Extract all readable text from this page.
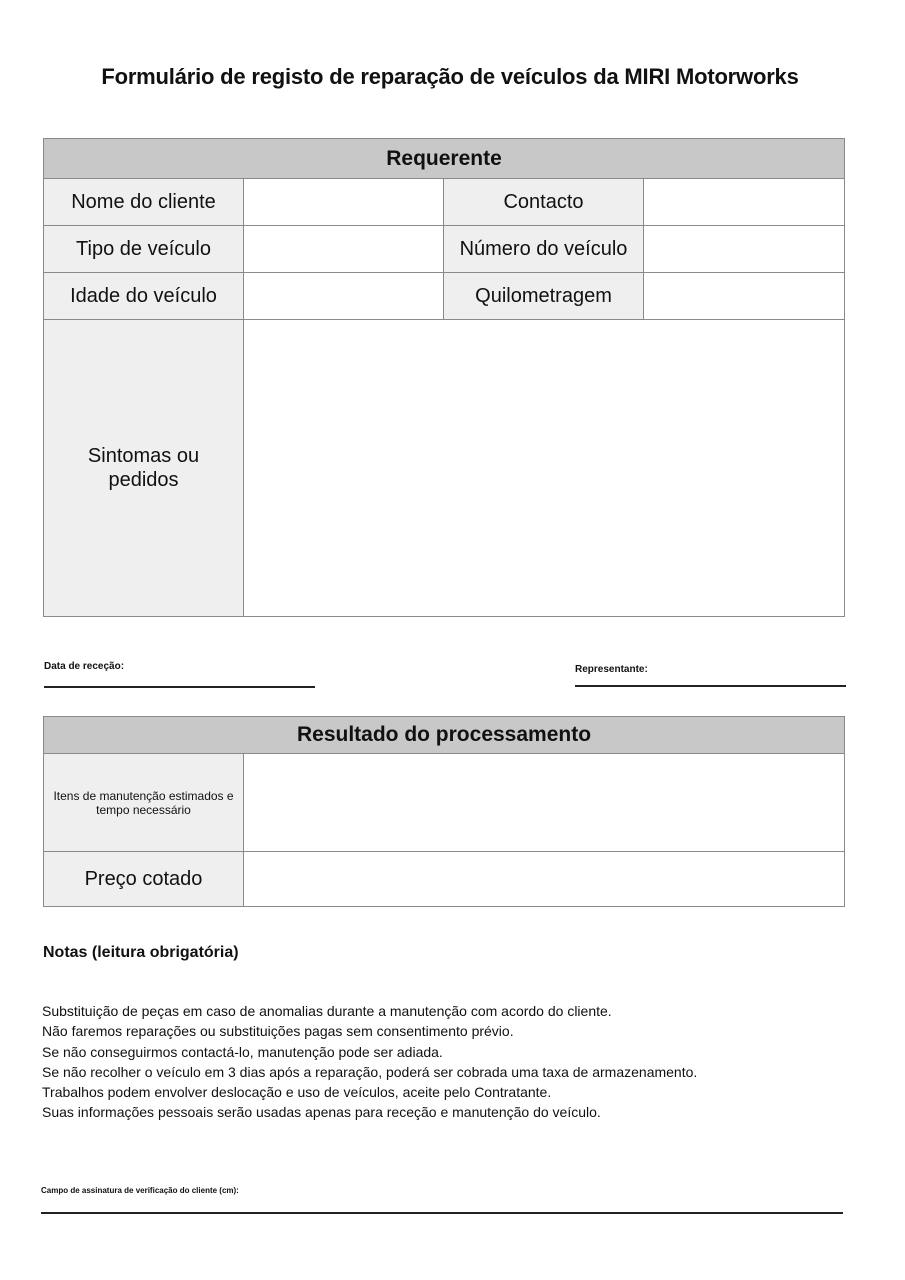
Formulário de registo de reparação de veículos da MIRI Motorworks
Requerente			
Nome do cliente		Contacto	
Tipo de veículo		Número do veículo	
Idade do veículo		Quilometragem	
Sintomas ou pedidos			
Data de receção:	Representante:
Resultado do processamento	
Itens de manutenção estimados e tempo necessário	
Preço cotado	
Notas (leitura obrigatória)
Substituição de peças em caso de anomalias durante a manutenção com acordo do cliente.
Não faremos reparações ou substituições pagas sem consentimento prévio.
Se não conseguirmos contactá-lo, manutenção pode ser adiada.
Se não recolher o veículo em 3 dias após a reparação, poderá ser cobrada uma taxa de armazenamento.
Trabalhos podem envolver deslocação e uso de veículos, aceite pelo Contratante.
Suas informações pessoais serão usadas apenas para receção e manutenção do veículo.
Campo de assinatura de verificação do cliente (cm):
